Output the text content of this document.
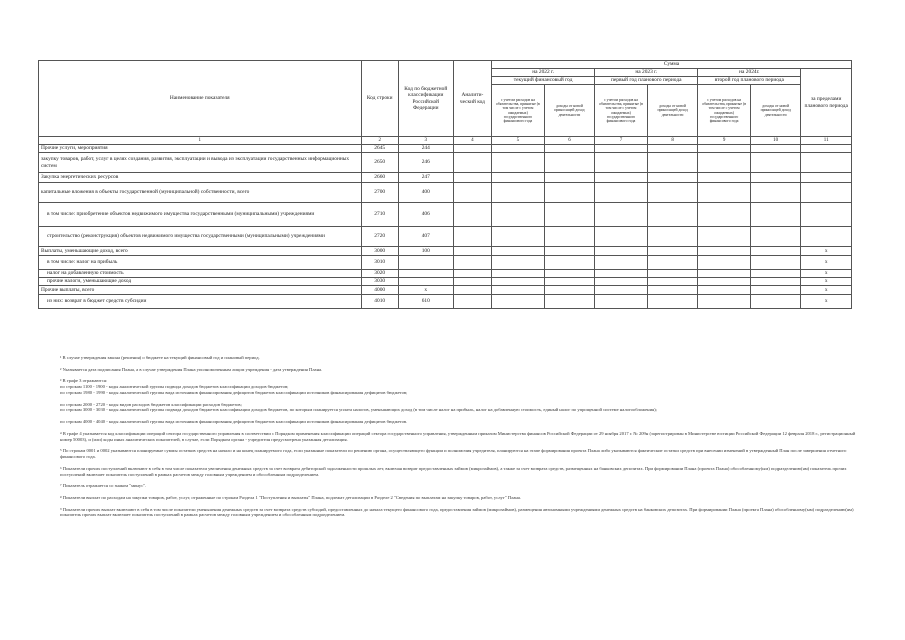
Наименование показателя	Код строки	Код по бюджетной классификации Российской Федерации	Аналити-ческий код	Сумма						
				на 2022 г.		на 2023 г.		на 2024г.		за пределами планового периода
				текущий финансовый год		первый год планового периода		второй год планового периода		
				с учетом расходов на обязательства, принятые (в том числе с учетом ожидаемых) государственного финансового года	доходы от новой приносящей доход деятельности	с учетом расходов на обязательства, принятые (в том числе с учетом ожидаемых) государственного финансового года	доходы от новой приносящей доход деятельности	с учетом расходов на обязательства, принятые (в том числе с учетом ожидаемых) государственного финансового года	доходы от новой приносящей доход деятельности	
1	2	3	4	5	6	7	8	9	10	11
Прочие услуги, мероприятия	2645	244								
закупку товаров, работ, услуг в целях создания, развития, эксплуатации и вывода из эксплуатации государственных информационных систем	2650	246								
Закупка энергетических ресурсов	2660	247								
капитальные вложения в объекты государственной (муниципальной) собственности, всего	2700	400								
в том числе: приобретение объектов недвижимого имущества государственными (муниципальными) учреждениями	2710	406								
строительство (реконструкция) объектов недвижимого имущества государственными (муниципальными) учреждениями	2720	407								
Выплаты, уменьшающие доход, всего	3000	100								х
в том числе: налог на прибыль	3010									х
налог на добавленную стоимость	3020									х
прочие налоги, уменьшающие доход	3030									х
Прочие выплаты, всего	4000	х								х
из них: возврат в бюджет средств субсидии	4010	610								х

¹ В случае утверждения закона (решения) о бюджете на текущий финансовый год и плановый период.

² Указывается дата подписания Плана, а в случае утверждения Плана уполномоченным лицом учреждения - дата утверждения Плана.

³ В графе 3 отражаются:

по строкам 1100 - 1900 - коды аналитической группы подвида доходов бюджетов классификации доходов бюджетов;

по строкам 1980 - 1990 - коды аналитической группы вида источников финансирования дефицитов бюджетов классификации источников финансирования дефицитов бюджетов;

по строкам 2000 - 2720 - коды видов расходов бюджетов классификации расходов бюджетов;

по строкам 3000 - 3030 - коды аналитической группы подвида доходов бюджетов классификации доходов бюджетов, по которым планируется уплата налогов, уменьшающих доход (в том числе налог на прибыль, налог на добавленную стоимость, единый налог по упрощенной системе налогообложения);

по строкам 4000 - 4040 - коды аналитической группы вида источников финансирования дефицитов бюджетов классификации источников финансирования дефицитов бюджетов.

⁴ В графе 4 указывается код классификации операций сектора государственного управления в соответствии с Порядком применения классификации операций сектора государственного управления, утвержденным приказом Министерства финансов Российской Федерации от 29 ноября 2017 г. № 209н (зарегистрирован в Министерстве юстиции Российской Федерации 12 февраля 2018 г., регистрационный номер 50003), и (или) коды иных аналитических показателей, в случае, если Порядком органа - учредителя предусмотрена указанная детализация.

⁵ По строкам 0001 и 0002 указываются планируемые суммы остатков средств на начало и на конец планируемого года, если указанные показатели по решению органа, осуществляющего функции и полномочия учредителя, планируются на этапе формирования проекта Плана либо указываются фактические остатки средств при внесении изменений в утвержденный План после завершения отчетного финансового года.

⁶ Показатели прочих поступлений включают в себя в том числе показатели увеличения денежных средств за счет возврата дебиторской задолженности прошлых лет, включая возврат предоставленных займов (микрозаймов), а также за счет возврата средств, размещенных на банковских депозитах. При формировании Плана (проекта Плана) обособленному(ым) подразделению(ям) показатель прочих поступлений включает показатель поступлений в рамках расчетов между головным учреждением и обособленным подразделением.

⁷ Показатель отражается со знаком "минус".

⁸ Показатели выплат по расходам на закупки товаров, работ, услуг, отраженные по строкам Раздела 1 "Поступления и выплаты" Плана, подлежат детализации в Разделе 2 "Сведения по выплатам на закупку товаров, работ, услуг" Плана.

⁹ Показатели прочих выплат включают в себя в том числе показатели уменьшения денежных средств за счет возврата средств субсидий, предоставленных до начала текущего финансового года, предоставления займов (микрозаймов), размещения автономными учреждениями денежных средств на банковских депозитах. При формировании Плана (проекта Плана) обособленному(ым) подразделению(ям) показатель прочих выплат включает показатель поступлений в рамках расчетов между головным учреждением и обособленным подразделением.
